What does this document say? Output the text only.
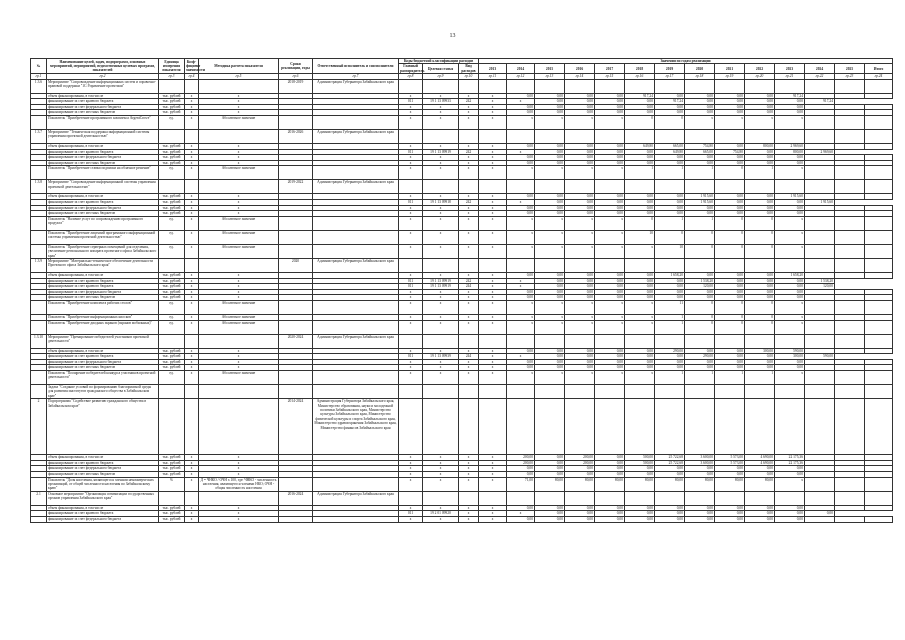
13
№	Наименование целей, задач, подпрограмм, основных мероприятий, мероприятий, ведомственных целевых программ, показателей	Единица измерения показателя	Коэф-фициент значимости	Методика расчета показателя	Сроки реализации, годы	Ответственный исполнитель и соисполнители	Коды бюджетной классификации расходов			Значения по годам реализации													
							Главный распорядитель	Целевая статья	Вид расходов	2013	2014	2015	2016	2017	2018	2019	2020	2021	2022	2023	2024	2025	Итого
гр.1	гр.2	гр.3	гр.4	гр.5	гр.6	гр.7	гр.8	гр.9	гр.10	гр.11	гр.12	гр.13	гр.14	гр.15	гр.16	гр.17	гр.18	гр.19	гр.20	гр.21	гр.22	гр.23	гр.24
1.3.6	Мероприятие "Сопровождение информационных систем и справочно-правовой поддержки "1С:Управление проектами"				2018-2019	Администрация Губернатора Забайкальского края																	
	объем финансирования, в том числе	тыс. рублей	х	х			х	х	х	х	0,00	0,00	0,00	0,00	917,24	0,00	0,00	0,00	0,00	917,24			
	финансирование за счет краевого бюджета	тыс. рублей	х	х			011	19 1 13 09933	242	х	х	0,00	0,00	0,00	0,00	917,24	0,00	0,00	0,00	0,00	917,24		
	финансирование за счет федерального бюджета	тыс. рублей	х	х			х	х	х	х	0,00	0,00	0,00	0,00	0,00	0,00	0,00	0,00	0,00	0,00			
	финансирование за счет местных бюджетов	тыс. рублей	х	х			х	х	х	х	0,00	0,00	0,00	0,00	0,00	0,00	0,00	0,00	0,00	0,00			
	Показатель "Приобретение программного комплекса ArgentCrowe"	ед.	х	Абсолютное значение			х	х	х	х	х	х	х	х	0	0	х	х	х	х			
1.3.7	Мероприятие "Техническая поддержка информационной системы управления проектной деятельностью"				2016-2026	Администрация Губернатора Забайкальского края																	
	объем финансирования, в том числе	тыс. рублей	х	х			х	х	х	х	0,00	0,00	0,00	0,00	649,80	665,00	754,80	0,00	800,00	2 969,60			
	финансирование за счет краевого бюджета	тыс. рублей	х	х			011	19 1 13 09919	242	х	х	0,00	0,00	0,00	0,00	649,80	665,00	754,80	0,00	800,00	2 969,60		
	финансирование за счет федерального бюджета	тыс. рублей	х	х			х	х	х	х	0,00	0,00	0,00	0,00	0,00	0,00	0,00	0,00	0,00	0,00			
	финансирование за счет местных бюджетов	тыс. рублей	х	х			х	х	х	х	0,00	0,00	0,00	0,00	0,00	0,00	0,00	0,00	0,00	0,00			
	Показатель "Приобретение ставки подписки на облачное решение"	ед.	х	Абсолютное значение			х	х	х	х	х	х	х	х	1	1	1	0	1	х			
1.3.8	Мероприятие "Сопровождение информационной системы управления проектной деятельностью"				2019-2022	Администрация Губернатора Забайкальского края																	
	объем финансирования, в том числе	тыс. рублей	х	х			х	х	х	х	0,00	0,00	0,00	0,00	0,00	0,00	1 915,60	0,00	0,00	1 915,60			
	финансирование за счет краевого бюджета	тыс. рублей	х	х			011	19 1 13 09918	242	х	х	0,00	0,00	0,00	0,00	0,00	1 915,60	0,00	0,00	0,00	1 915,60		
	финансирование за счет федерального бюджета	тыс. рублей	х	х			х	х	х	х	0,00	0,00	0,00	0,00	0,00	0,00	0,00	0,00	0,00	0,00			
	финансирование за счет местных бюджетов	тыс. рублей	х	х			х	х	х	х	0,00	0,00	0,00	0,00	0,00	0,00	0,00	0,00	0,00	0,00			
	Показатель "Наличие услуг по сопровождению программного продукта"	ед.	х	Абсолютное значение			х	х	х	х	х	х	х	х	0	1	1	0	0	х			
	Показатель "Приобретение лицензий программного информационной системы управления проектной деятельностью"	ед.	х	Абсолютное значение			х	х	х	х	х	х	х	х	10	0	0	0	0	х			
	Показатель "Приобретение серверных помещений для отделения, увеличение регионального аппарата проектного офиса Забайкальского края"	ед.	х	Абсолютное значение			х	х	х	х	х	х	х	х	х	10	0	0	0	х			
1.3.9	Мероприятие "Материально-техническое обеспечение деятельности Проектного офиса Забайкальского края"				2020	Администрация Губернатора Забайкальского края																	
	объем финансирования, в том числе	тыс. рублей	х	х			х	х	х	х	0,00	0,00	0,00	0,00	0,00	1 658,20	0,00	0,00	0,00	1 658,20			
	финансирование за счет краевого бюджета	тыс. рублей	х	х			011	19 1 13 09919	242	х	х	0,00	0,00	0,00	0,00	0,00	1 538,20	0,00	0,00	0,00	1 538,20		
	финансирование за счет краевого бюджета	тыс. рублей	х	х			011	19 1 13 09919	244	х	х	0,00	0,00	0,00	0,00	0,00	120,00	0,00	0,00	0,00	120,00		
	финансирование за счет федерального бюджета	тыс. рублей	х	х			х	х	х	х	0,00	0,00	0,00	0,00	0,00	0,00	0,00	0,00	0,00	0,00			
	финансирование за счет местных бюджетов	тыс. рублей	х	х			х	х	х	х	0,00	0,00	0,00	0,00	0,00	0,00	0,00	0,00	0,00	0,00			
	Показатель "Приобретение комплекта рабочих столов"	ед.	х	Абсолютное значение			х	х	х	х	х	х	х	х	х	11	0	0	0	х			
	Показатель "Приобретение информационных киосков"	ед.	х	Абсолютное значение			х	х	х	х	х	х	х	х	х	1	0	0	0	х			
	Показатель "Приобретение диодных экранов (экранов мобильных)"	ед.	х	Абсолютное значение			х	х	х	х	х	х	х	х	х	1	0	0	0	х			
1.3.10	Мероприятие "Премирование победителей участников проектной деятельности"				2020-2024	Администрация Губернатора Забайкальского края																	
	объем финансирования, в том числе	тыс. рублей	х	х			х	х	х	х	0,00	0,00	0,00	0,00	0,00	290,00	0,00	0,00	300,00	590,00			
	финансирование за счет краевого бюджета	тыс. рублей	х	х			011	19 1 13 09939	244	х	х	0,00	0,00	0,00	0,00	0,00	290,00	0,00	0,00	300,00	590,00		
	финансирование за счет федерального бюджета	тыс. рублей	х	х			х	х	х	х	0,00	0,00	0,00	0,00	0,00	0,00	0,00	0,00	0,00	0,00			
	финансирование за счет местных бюджетов	тыс. рублей	х	х			х	х	х	х	0,00	0,00	0,00	0,00	0,00	0,00	0,00	0,00	0,00	0,00			
	Показатель "Поощрение победителей конкурса участников проектной деятельности"	ед.	х	Абсолютное значение			х	х	х	х	х	х	х	х	х	1	1	1	1	х			
	Задача "Создание условий по формированию благоприятной среды для развития институтов гражданского общества в Забайкальском крае"																						
2	Подпрограмма "Содействие развитию гражданского общества в Забайкальском крае"				2014-2024	Администрация Губернатора Забайкальского края, Министерство образования, науки и молодежной политики Забайкальского края, Министерство культуры Забайкальского края, Министерство физической культуры и спорта Забайкальского края, Министерство здравоохранения Забайкальского края, Министерство финансов Забайкальского края																	
	объем финансирования, в том числе	тыс. рублей	х	х			х	х	х	х	200,00	0,00	200,00	0,00	500,00	25 722,68	3 600,00	5 573,00	4 690,00	22 175,36			
	финансирование за счет краевого бюджета	тыс. рублей	х	х			х	х	х	х	200,00	0,00	200,00	0,00	500,00	25 722,68	3 600,00	5 573,00	4 690,00	22 175,36			
	финансирование за счет федерального бюджета	тыс. рублей	х	х			х	х	х	х	0,00	0,00	0,00	0,00	0,00	0,00	0,00	0,00	0,00	0,00			
	финансирование за счет местных бюджетов	тыс. рублей	х	х			х	х	х	х	0,00	0,00	0,00	0,00	0,00	0,00	0,00	0,00	0,00	0,00			
	Показатель "Доля населения, являющегося членами некоммерческих организаций, от общей численности населения по Забайкальскому краю"	%	х	Д = ЧНКО / ОЧН x 100, где: ЧНКО - численность населения, являющегося членами НКО; ОЧН - общая численность населения			х	х	х	х	71,00	80,00	80,00	80,00	80,00	80,00	80,00	80,00	80,00	х			
2.1	Основное мероприятие "Организация оптимизации государственных органов управления Забайкальского края"				2016-2024	Администрация Губернатора Забайкальского края																	
	объем финансирования, в том числе	тыс. рублей	х	х			х	х	х	х	0,00	0,00	0,00	0,00	0,00	0,00	0,00	0,00	0,00	0,00			
	финансирование за счет краевого бюджета	тыс. рублей	х	х			011	19 2 01 09920	х	х	х	0,00	0,00	0,00	0,00	0,00	0,00	0,00	0,00	0,00	0,00		
	финансирование за счет федерального бюджета	тыс. рублей	х	х			х	х	х	х	0,00	0,00	0,00	0,00	0,00	0,00	0,00	0,00	0,00	0,00			
